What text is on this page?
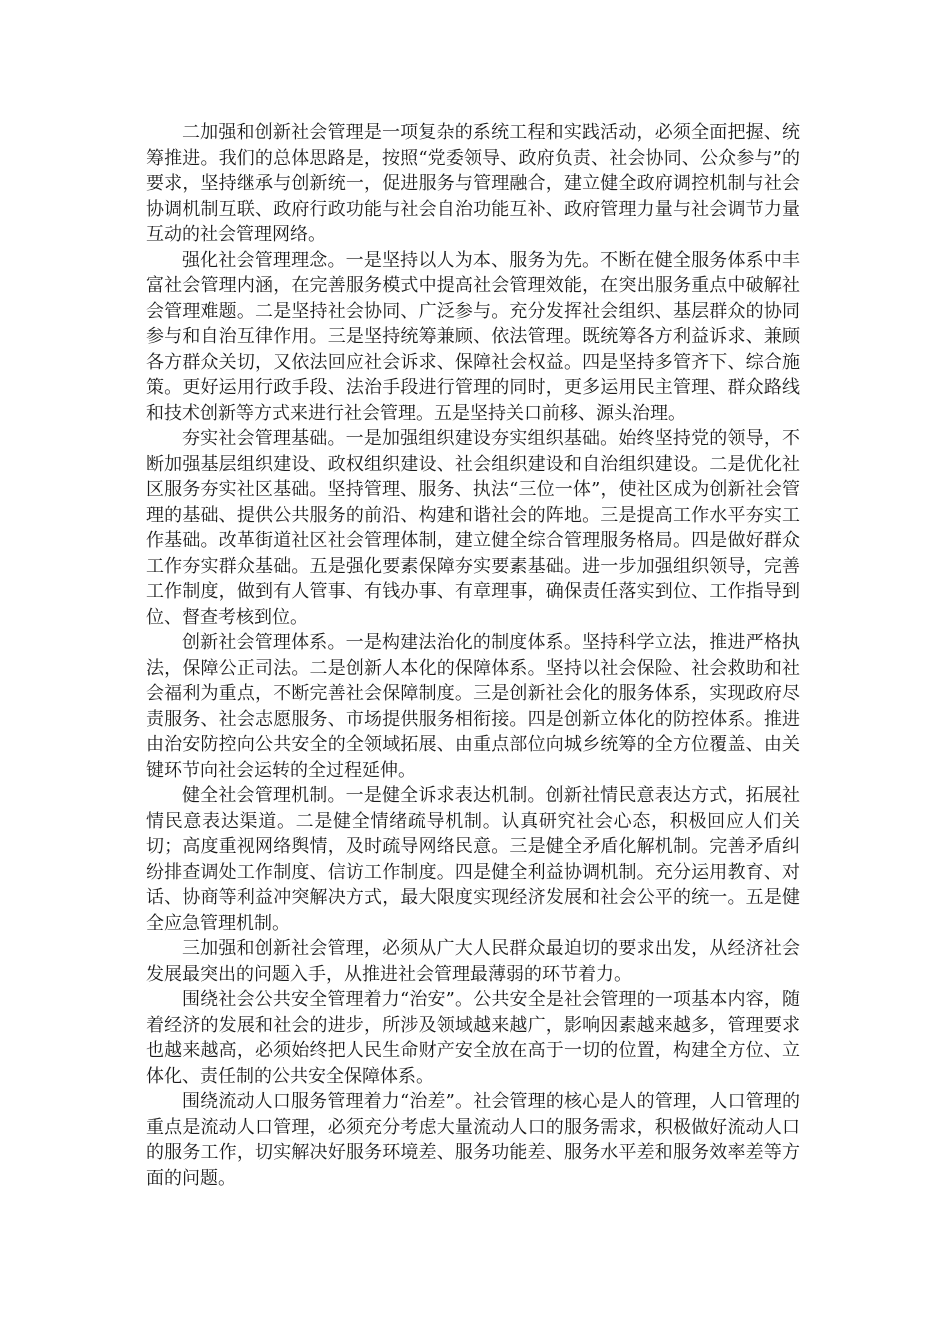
二加强和创新社会管理是一项复杂的系统工程和实践活动，必须全面把握、统筹推进。我们的总体思路是，按照“党委领导、政府负责、社会协同、公众参与”的要求，坚持继承与创新统一，促进服务与管理融合，建立健全政府调控机制与社会协调机制互联、政府行政功能与社会自治功能互补、政府管理力量与社会调节力量互动的社会管理网络。

强化社会管理理念。一是坚持以人为本、服务为先。不断在健全服务体系中丰富社会管理内涵，在完善服务模式中提高社会管理效能，在突出服务重点中破解社会管理难题。二是坚持社会协同、广泛参与。充分发挥社会组织、基层群众的协同参与和自治互律作用。三是坚持统筹兼顾、依法管理。既统筹各方利益诉求、兼顾各方群众关切，又依法回应社会诉求、保障社会权益。四是坚持多管齐下、综合施策。更好运用行政手段、法治手段进行管理的同时，更多运用民主管理、群众路线和技术创新等方式来进行社会管理。五是坚持关口前移、源头治理。

夯实社会管理基础。一是加强组织建设夯实组织基础。始终坚持党的领导，不断加强基层组织建设、政权组织建设、社会组织建设和自治组织建设。二是优化社区服务夯实社区基础。坚持管理、服务、执法“三位一体”，使社区成为创新社会管理的基础、提供公共服务的前沿、构建和谐社会的阵地。三是提高工作水平夯实工作基础。改革街道社区社会管理体制，建立健全综合管理服务格局。四是做好群众工作夯实群众基础。五是强化要素保障夯实要素基础。进一步加强组织领导，完善工作制度，做到有人管事、有钱办事、有章理事，确保责任落实到位、工作指导到位、督查考核到位。

创新社会管理体系。一是构建法治化的制度体系。坚持科学立法，推进严格执法，保障公正司法。二是创新人本化的保障体系。坚持以社会保险、社会救助和社会福利为重点，不断完善社会保障制度。三是创新社会化的服务体系，实现政府尽责服务、社会志愿服务、市场提供服务相衔接。四是创新立体化的防控体系。推进由治安防控向公共安全的全领域拓展、由重点部位向城乡统筹的全方位覆盖、由关键环节向社会运转的全过程延伸。

健全社会管理机制。一是健全诉求表达机制。创新社情民意表达方式，拓展社情民意表达渠道。二是健全情绪疏导机制。认真研究社会心态，积极回应人们关切；高度重视网络舆情，及时疏导网络民意。三是健全矛盾化解机制。完善矛盾纠纷排查调处工作制度、信访工作制度。四是健全利益协调机制。充分运用教育、对话、协商等利益冲突解决方式，最大限度实现经济发展和社会公平的统一。五是健全应急管理机制。

三加强和创新社会管理，必须从广大人民群众最迫切的要求出发，从经济社会发展最突出的问题入手，从推进社会管理最薄弱的环节着力。

围绕社会公共安全管理着力“治安”。公共安全是社会管理的一项基本内容，随着经济的发展和社会的进步，所涉及领域越来越广，影响因素越来越多，管理要求也越来越高，必须始终把人民生命财产安全放在高于一切的位置，构建全方位、立体化、责任制的公共安全保障体系。

围绕流动人口服务管理着力“治差”。社会管理的核心是人的管理，人口管理的重点是流动人口管理，必须充分考虑大量流动人口的服务需求，积极做好流动人口的服务工作，切实解决好服务环境差、服务功能差、服务水平差和服务效率差等方面的问题。
